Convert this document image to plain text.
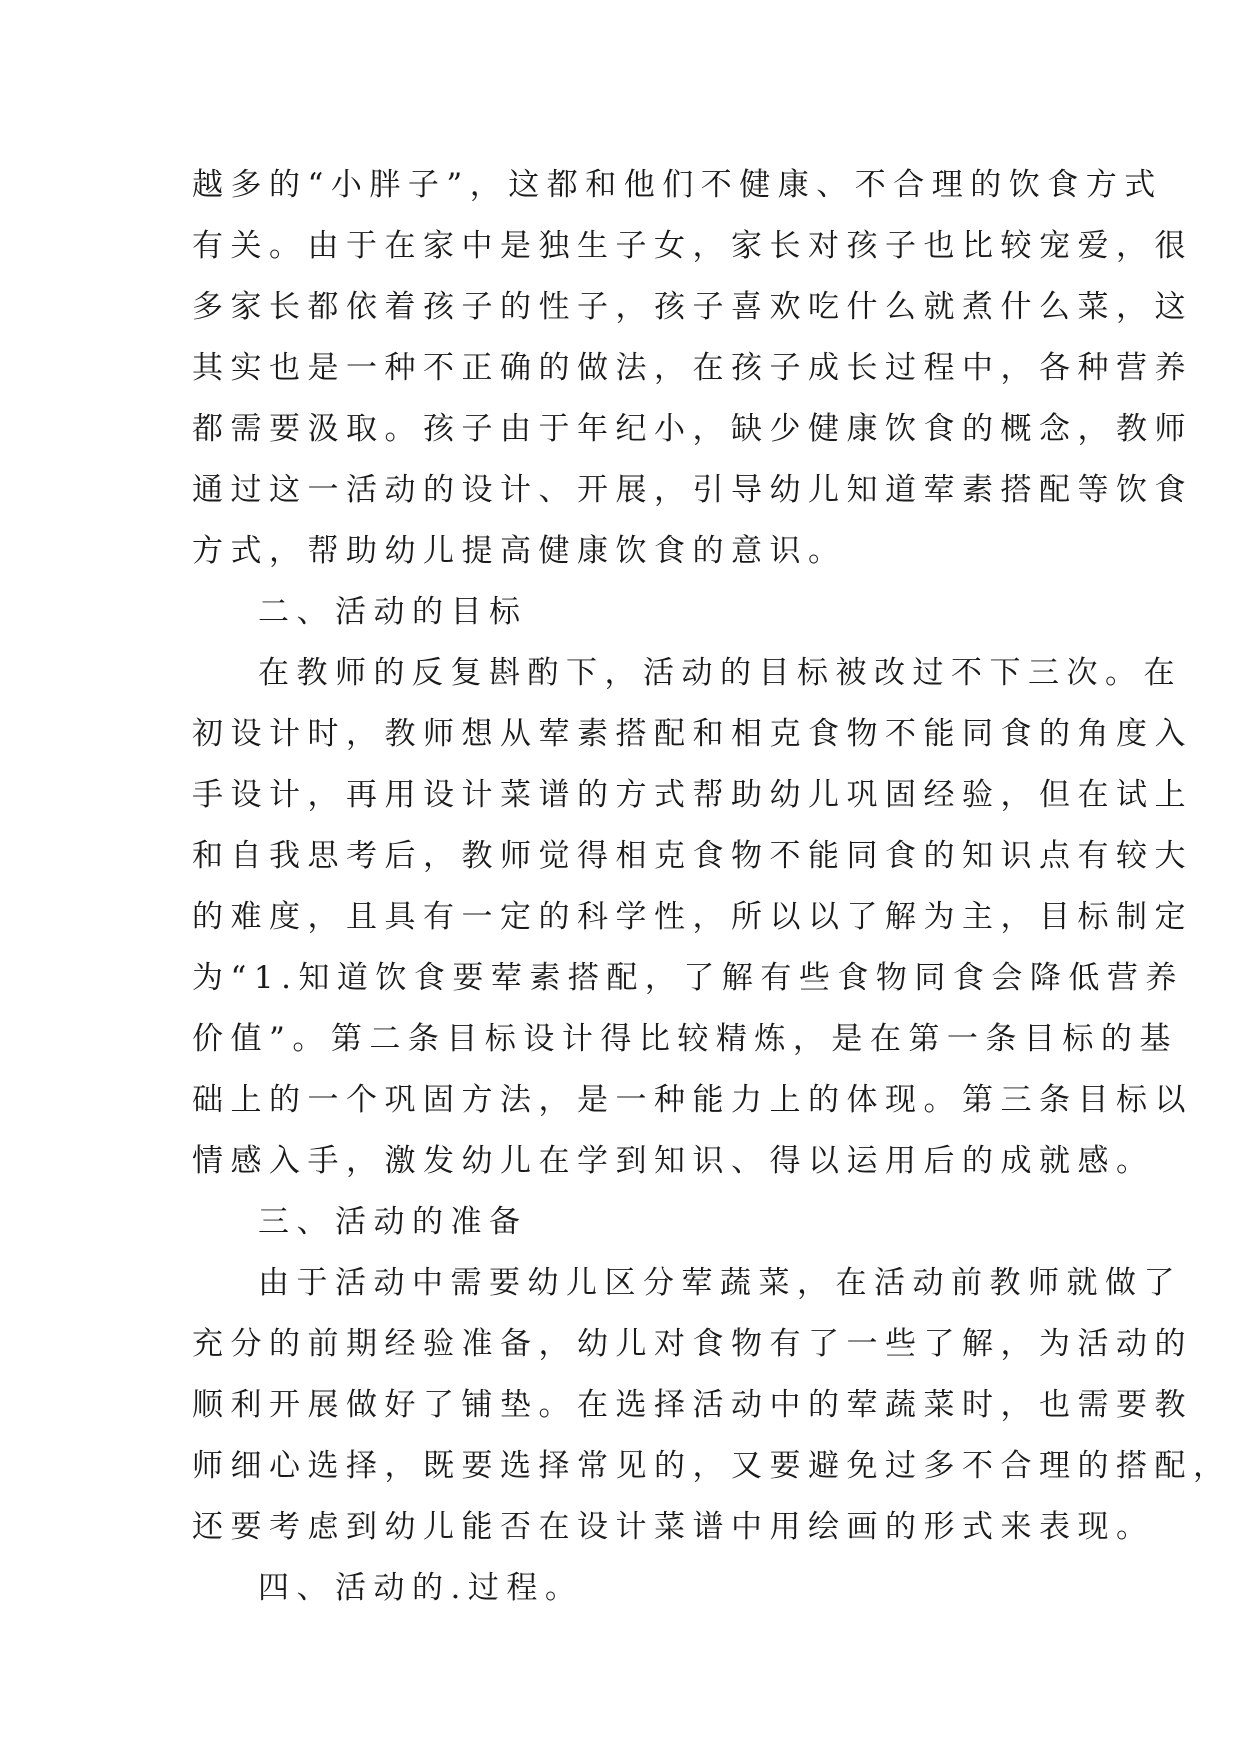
越多的“小胖子”，这都和他们不健康、不合理的饮食方式
有关。由于在家中是独生子女，家长对孩子也比较宠爱，很
多家长都依着孩子的性子，孩子喜欢吃什么就煮什么菜，这
其实也是一种不正确的做法，在孩子成长过程中，各种营养
都需要汲取。孩子由于年纪小，缺少健康饮食的概念，教师
通过这一活动的设计、开展，引导幼儿知道荤素搭配等饮食
方式，帮助幼儿提高健康饮食的意识。
二、活动的目标
在教师的反复斟酌下，活动的目标被改过不下三次。在
初设计时，教师想从荤素搭配和相克食物不能同食的角度入
手设计，再用设计菜谱的方式帮助幼儿巩固经验，但在试上
和自我思考后，教师觉得相克食物不能同食的知识点有较大
的难度，且具有一定的科学性，所以以了解为主，目标制定
为“1.知道饮食要荤素搭配，了解有些食物同食会降低营养
价值”。第二条目标设计得比较精炼，是在第一条目标的基
础上的一个巩固方法，是一种能力上的体现。第三条目标以
情感入手，激发幼儿在学到知识、得以运用后的成就感。
三、活动的准备
由于活动中需要幼儿区分荤蔬菜，在活动前教师就做了
充分的前期经验准备，幼儿对食物有了一些了解，为活动的
顺利开展做好了铺垫。在选择活动中的荤蔬菜时，也需要教
师细心选择，既要选择常见的，又要避免过多不合理的搭配，
还要考虑到幼儿能否在设计菜谱中用绘画的形式来表现。
四、活动的.过程。
